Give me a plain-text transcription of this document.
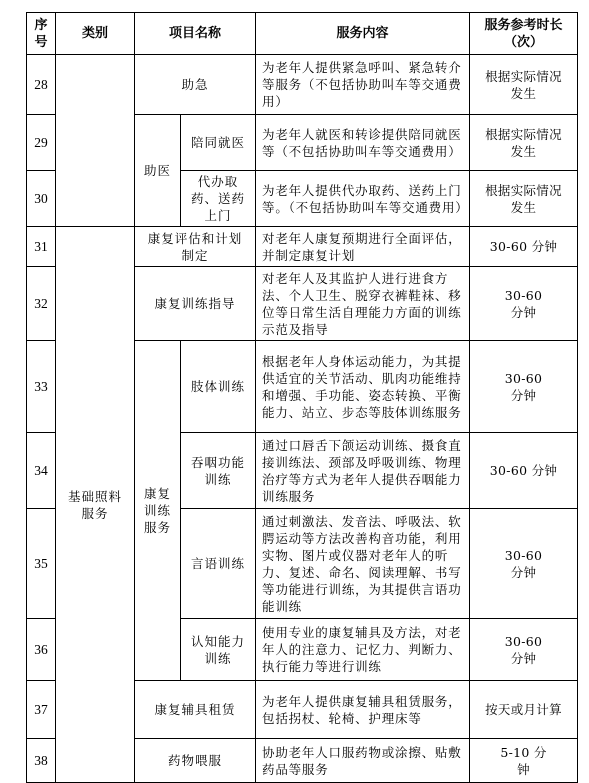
序号	类别	项目名称		服务内容	服务参考时长（次）
28		助急		为老年人提供紧急呼叫、紧急转介等服务（不包括协助叫车等交通费用）	根据实际情况发生
29		助医	陪同就医	为老年人就医和转诊提供陪同就医等（不包括协助叫车等交通费用）	根据实际情况发生
30			代办取药、送药上门	为老年人提供代办取药、送药上门等。（不包括协助叫车等交通费用）	根据实际情况发生
31	基础照料服务	康复评估和计划制定		对老年人康复预期进行全面评估，并制定康复计划	30-60 分钟
32		康复训练指导		对老年人及其监护人进行进食方法、个人卫生、脱穿衣裤鞋袜、移位等日常生活自理能力方面的训练示范及指导	30-60 分钟
33		康复训练服务	肢体训练	根据老年人身体运动能力，为其提供适宜的关节活动、肌肉功能维持和增强、手功能、姿态转换、平衡能力、站立、步态等肢体训练服务	30-60 分钟
34			吞咽功能训练	通过口唇舌下颌运动训练、摄食直接训练法、颈部及呼吸训练、物理治疗等方式为老年人提供吞咽能力训练服务	30-60 分钟
35			言语训练	通过刺激法、发音法、呼吸法、软腭运动等方法改善构音功能，利用实物、图片或仪器对老年人的听力、复述、命名、阅读理解、书写等功能进行训练，为其提供言语功能训练	30-60 分钟
36			认知能力训练	使用专业的康复辅具及方法，对老年人的注意力、记忆力、判断力、执行能力等进行训练	30-60 分钟
37		康复辅具租赁		为老年人提供康复辅具租赁服务，包括拐杖、轮椅、护理床等	按天或月计算
38		药物喂服		协助老年人口服药物或涂擦、贴敷药品等服务	5-10 分钟
